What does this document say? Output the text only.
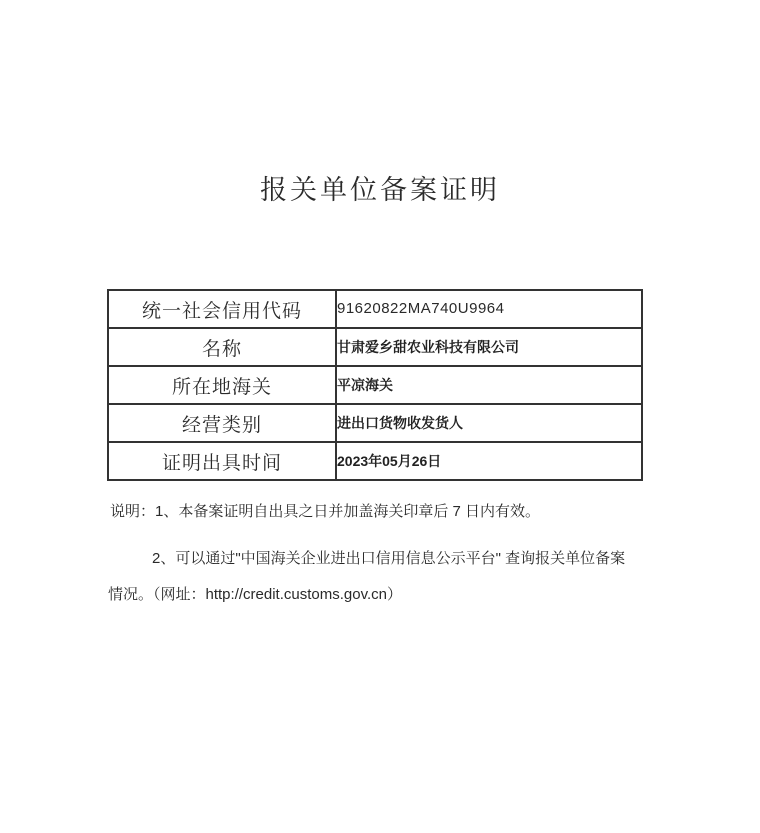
报关单位备案证明
统一社会信用代码	91620822MA740U9964
名称	甘肃爱乡甜农业科技有限公司
所在地海关	平凉海关
经营类别	进出口货物收发货人
证明出具时间	2023年05月26日
说明：1、本备案证明自出具之日并加盖海关印章后 7 日内有效。
2、可以通过"中国海关企业进出口信用信息公示平台" 查询报关单位备案
情况。（网址：http://credit.customs.gov.cn）
